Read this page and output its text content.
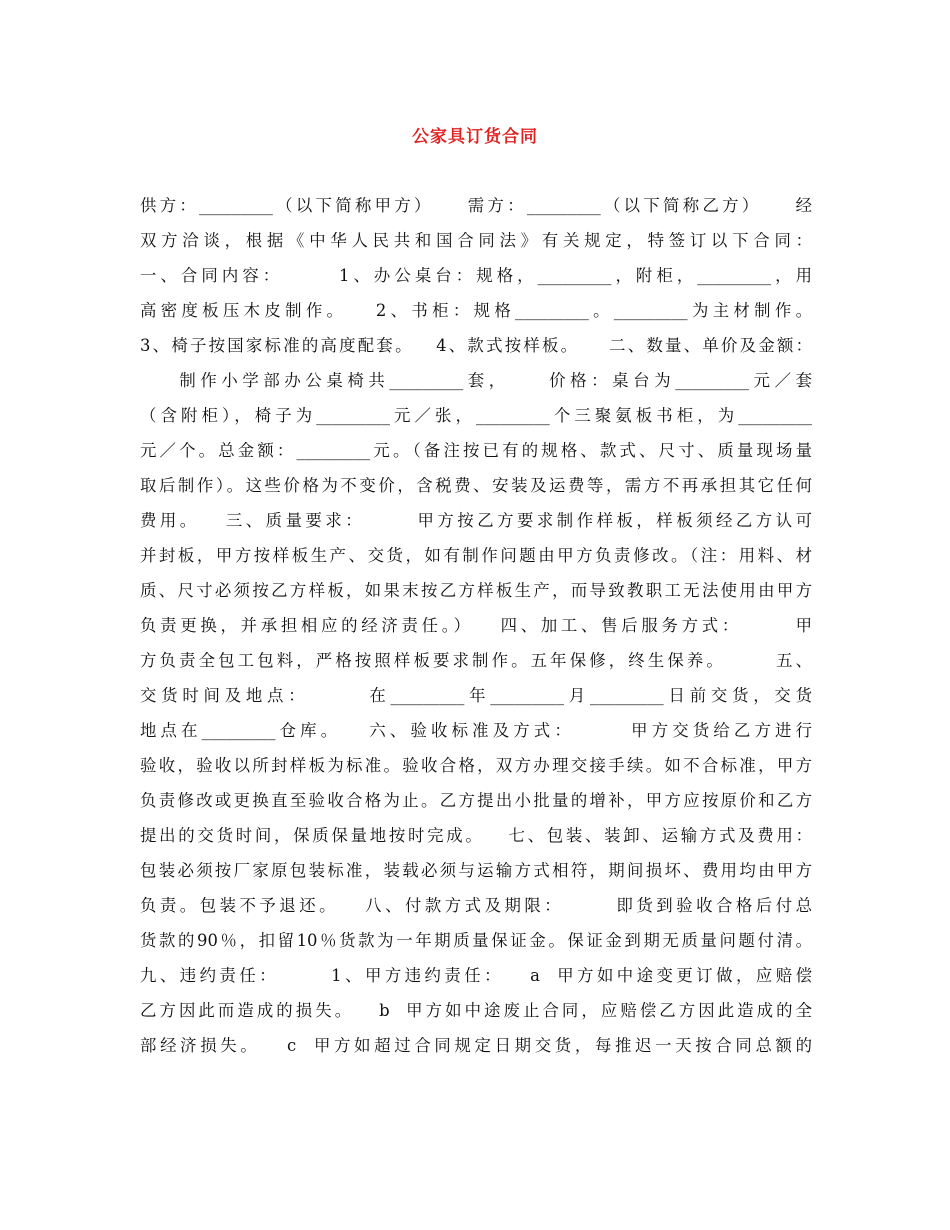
公家具订货合同
供方：_________（以下简称甲方）    需方：_________（以下简称乙方）    经
双方洽谈，根据《中华人民共和国合同法》有关规定，特签订以下合同：
一、合同内容：      1、办公桌台：规格，_________，附柜，_________，用
高密度板压木皮制作。   2、书柜：规格_________。_________为主材制作。
3、椅子按国家标准的高度配套。   4、款式按样板。    二、数量、单价及金额：
制作小学部办公桌椅共_________套，    价格：桌台为_________元／套
（含附柜），椅子为_________元／张，_________个三聚氨板书柜，为_________
元／个。总金额：_________元。（备注按已有的规格、款式、尺寸、质量现场量
取后制作）。这些价格为不变价，含税费、安装及运费等，需方不再承担其它任何
费用。   三、质量要求：      甲方按乙方要求制作样板，样板须经乙方认可
并封板，甲方按样板生产、交货，如有制作问题由甲方负责修改。（注：用料、材
质、尺寸必须按乙方样板，如果末按乙方样板生产，而导致教职工无法使用由甲方
负责更换，并承担相应的经济责任。）   四、加工、售后服务方式：      甲
方负责全包工包料，严格按照样板要求制作。五年保修，终生保养。      五、
交货时间及地点：      在_________年_________月_________日前交货，交货
地点在_________仓库。   六、验收标准及方式：      甲方交货给乙方进行
验收，验收以所封样板为标准。验收合格，双方办理交接手续。如不合标准，甲方
负责修改或更换直至验收合格为止。乙方提出小批量的增补，甲方应按原价和乙方
提出的交货时间，保质保量地按时完成。   七、包装、装卸、运输方式及费用：
包装必须按厂家原包装标准，装载必须与运输方式相符，期间损坏、费用均由甲方
负责。包装不予退还。   八、付款方式及期限：      即货到验收合格后付总
货款的90％，扣留10％货款为一年期质量保证金。保证金到期无质量问题付清。
九、违约责任：      1、甲方违约责任：   a  甲方如中途变更订做，应赔偿
乙方因此而造成的损失。   b  甲方如中途废止合同，应赔偿乙方因此造成的全
部经济损失。   c  甲方如超过合同规定日期交货，每推迟一天按合同总额的
